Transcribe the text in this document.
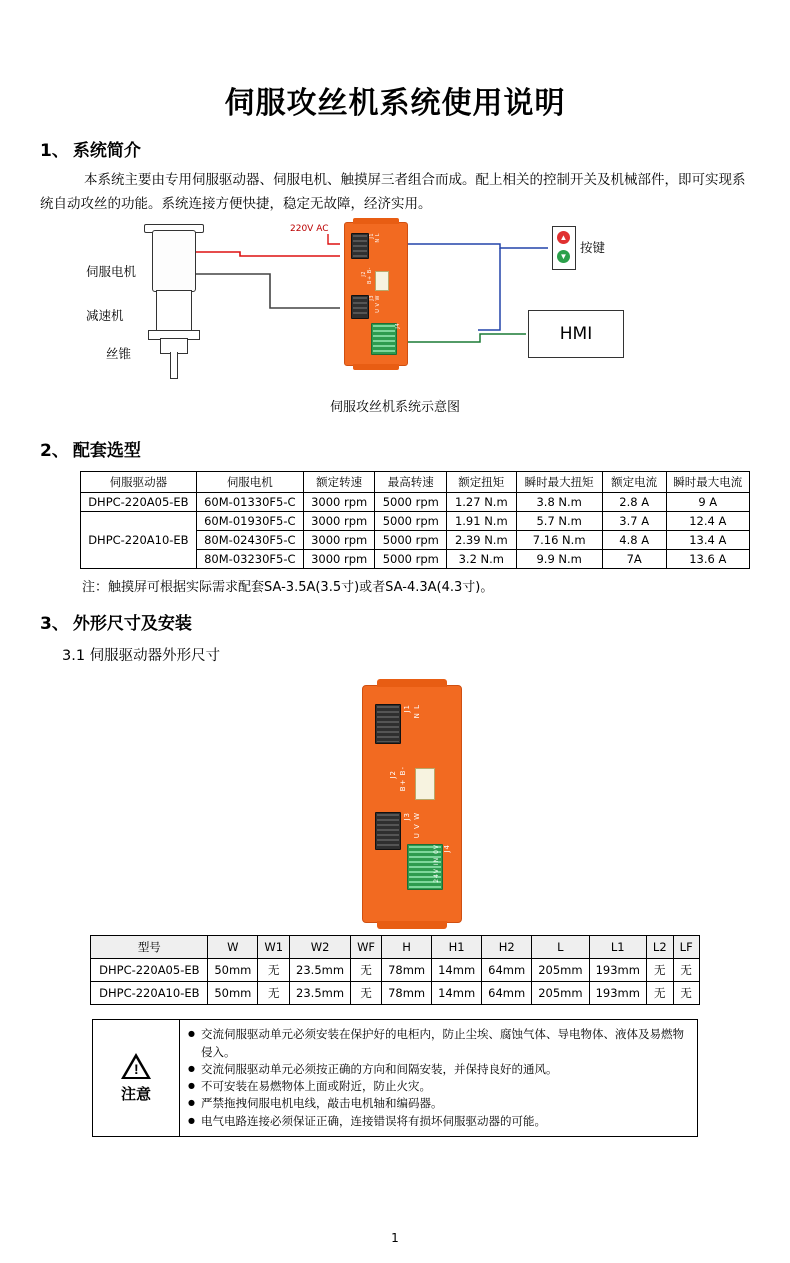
伺服攻丝机系统使用说明
1、 系统简介
本系统主要由专用伺服驱动器、伺服电机、触摸屏三者组合而成。配上相关的控制开关及机械部件，即可实现系统自动攻丝的功能。系统连接方便快捷，稳定无故障，经济实用。
伺服电机
减速机
丝锥
220V AC
J1 N L
J2 B+ B-
J3 U V W
J4
▲
▼
按键
HMI
伺服攻丝机系统示意图
2、 配套选型
伺服驱动器	伺服电机	额定转速	最高转速	额定扭矩	瞬时最大扭矩	额定电流	瞬时最大电流
DHPC-220A05-EB	60M-01330F5-C	3000 rpm	5000 rpm	1.27 N.m	3.8 N.m	2.8 A	9 A
DHPC-220A10-EB	60M-01930F5-C	3000 rpm	5000 rpm	1.91 N.m	5.7 N.m	3.7 A	12.4 A
	80M-02430F5-C	3000 rpm	5000 rpm	2.39 N.m	7.16 N.m	4.8 A	13.4 A
	80M-03230F5-C	3000 rpm	5000 rpm	3.2 N.m	9.9 N.m	7A	13.6 A
注：触摸屏可根据实际需求配套SA-3.5A(3.5寸)或者SA-4.3A(4.3寸)。
3、 外形尺寸及安装
3.1 伺服驱动器外形尺寸
J1 N L
J2 B+ B-
J3 U V W
J4
24V IN 0V
型号	W	W1	W2	WF	H	H1	H2	L	L1	L2	LF
DHPC-220A05-EB	50mm	无	23.5mm	无	78mm	14mm	64mm	205mm	193mm	无	无
DHPC-220A10-EB	50mm	无	23.5mm	无	78mm	14mm	64mm	205mm	193mm	无	无
!
注意
● 交流伺服驱动单元必须安装在保护好的电柜内，防止尘埃、腐蚀气体、导电物体、液体及易燃物侵入。
● 交流伺服驱动单元必须按正确的方向和间隔安装，并保持良好的通风。
● 不可安装在易燃物体上面或附近，防止火灾。
● 严禁拖拽伺服电机电线，敲击电机轴和编码器。
● 电气电路连接必须保证正确，连接错误将有损坏伺服驱动器的可能。
1
